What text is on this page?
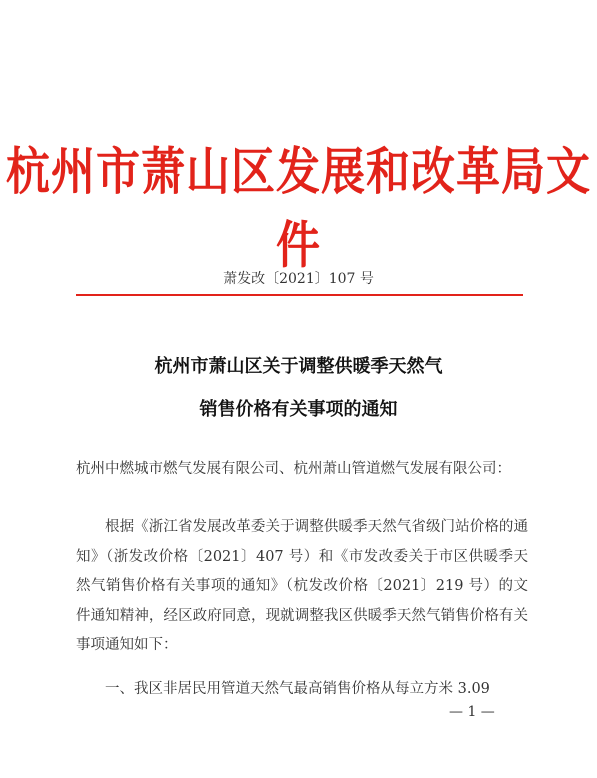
杭州市萧山区发展和改革局文件
萧发改〔2021〕107 号
杭州市萧山区关于调整供暖季天然气
销售价格有关事项的通知
杭州中燃城市燃气发展有限公司、杭州萧山管道燃气发展有限公司：
根据《浙江省发展改革委关于调整供暖季天然气省级门站价格的通知》（浙发改价格〔2021〕407 号）和《市发改委关于市区供暖季天然气销售价格有关事项的通知》（杭发改价格〔2021〕219 号）的文件通知精神，经区政府同意，现就调整我区供暖季天然气销售价格有关事项通知如下：
一、我区非居民用管道天然气最高销售价格从每立方米 3.09
— 1 —
